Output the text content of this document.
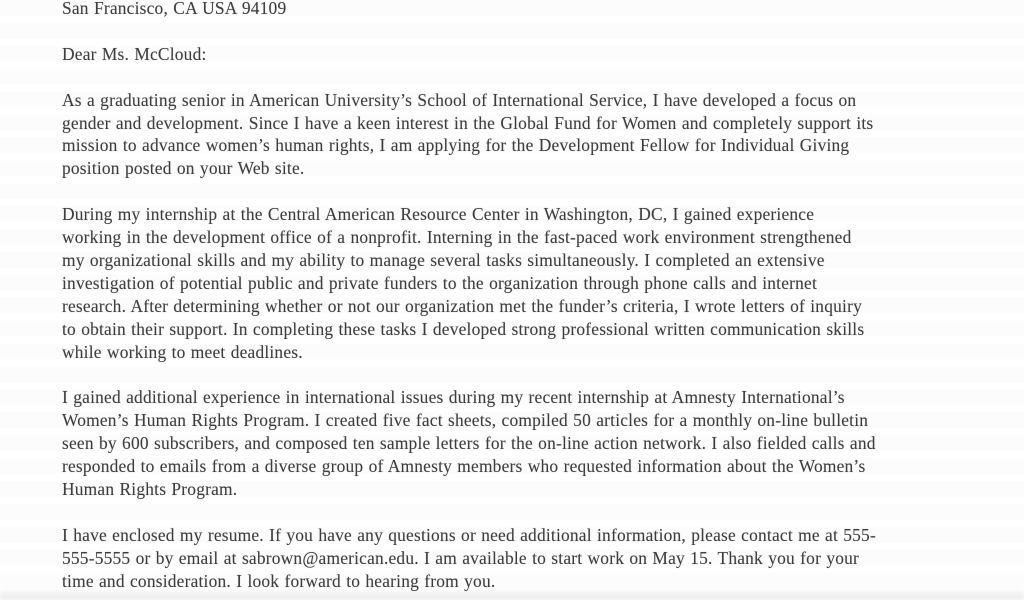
San Francisco, CA USA 94109
Dear Ms. McCloud:
As a graduating senior in American University’s School of International Service, I have developed a focus on
gender and development. Since I have a keen interest in the Global Fund for Women and completely support its
mission to advance women’s human rights, I am applying for the Development Fellow for Individual Giving
position posted on your Web site.
During my internship at the Central American Resource Center in Washington, DC, I gained experience
working in the development office of a nonprofit. Interning in the fast-paced work environment strengthened
my organizational skills and my ability to manage several tasks simultaneously. I completed an extensive
investigation of potential public and private funders to the organization through phone calls and internet
research. After determining whether or not our organization met the funder’s criteria, I wrote letters of inquiry
to obtain their support. In completing these tasks I developed strong professional written communication skills
while working to meet deadlines.
I gained additional experience in international issues during my recent internship at Amnesty International’s
Women’s Human Rights Program. I created five fact sheets, compiled 50 articles for a monthly on-line bulletin
seen by 600 subscribers, and composed ten sample letters for the on-line action network. I also fielded calls and
responded to emails from a diverse group of Amnesty members who requested information about the Women’s
Human Rights Program.
I have enclosed my resume. If you have any questions or need additional information, please contact me at 555-
555-5555 or by email at sabrown@american.edu. I am available to start work on May 15. Thank you for your
time and consideration. I look forward to hearing from you.
